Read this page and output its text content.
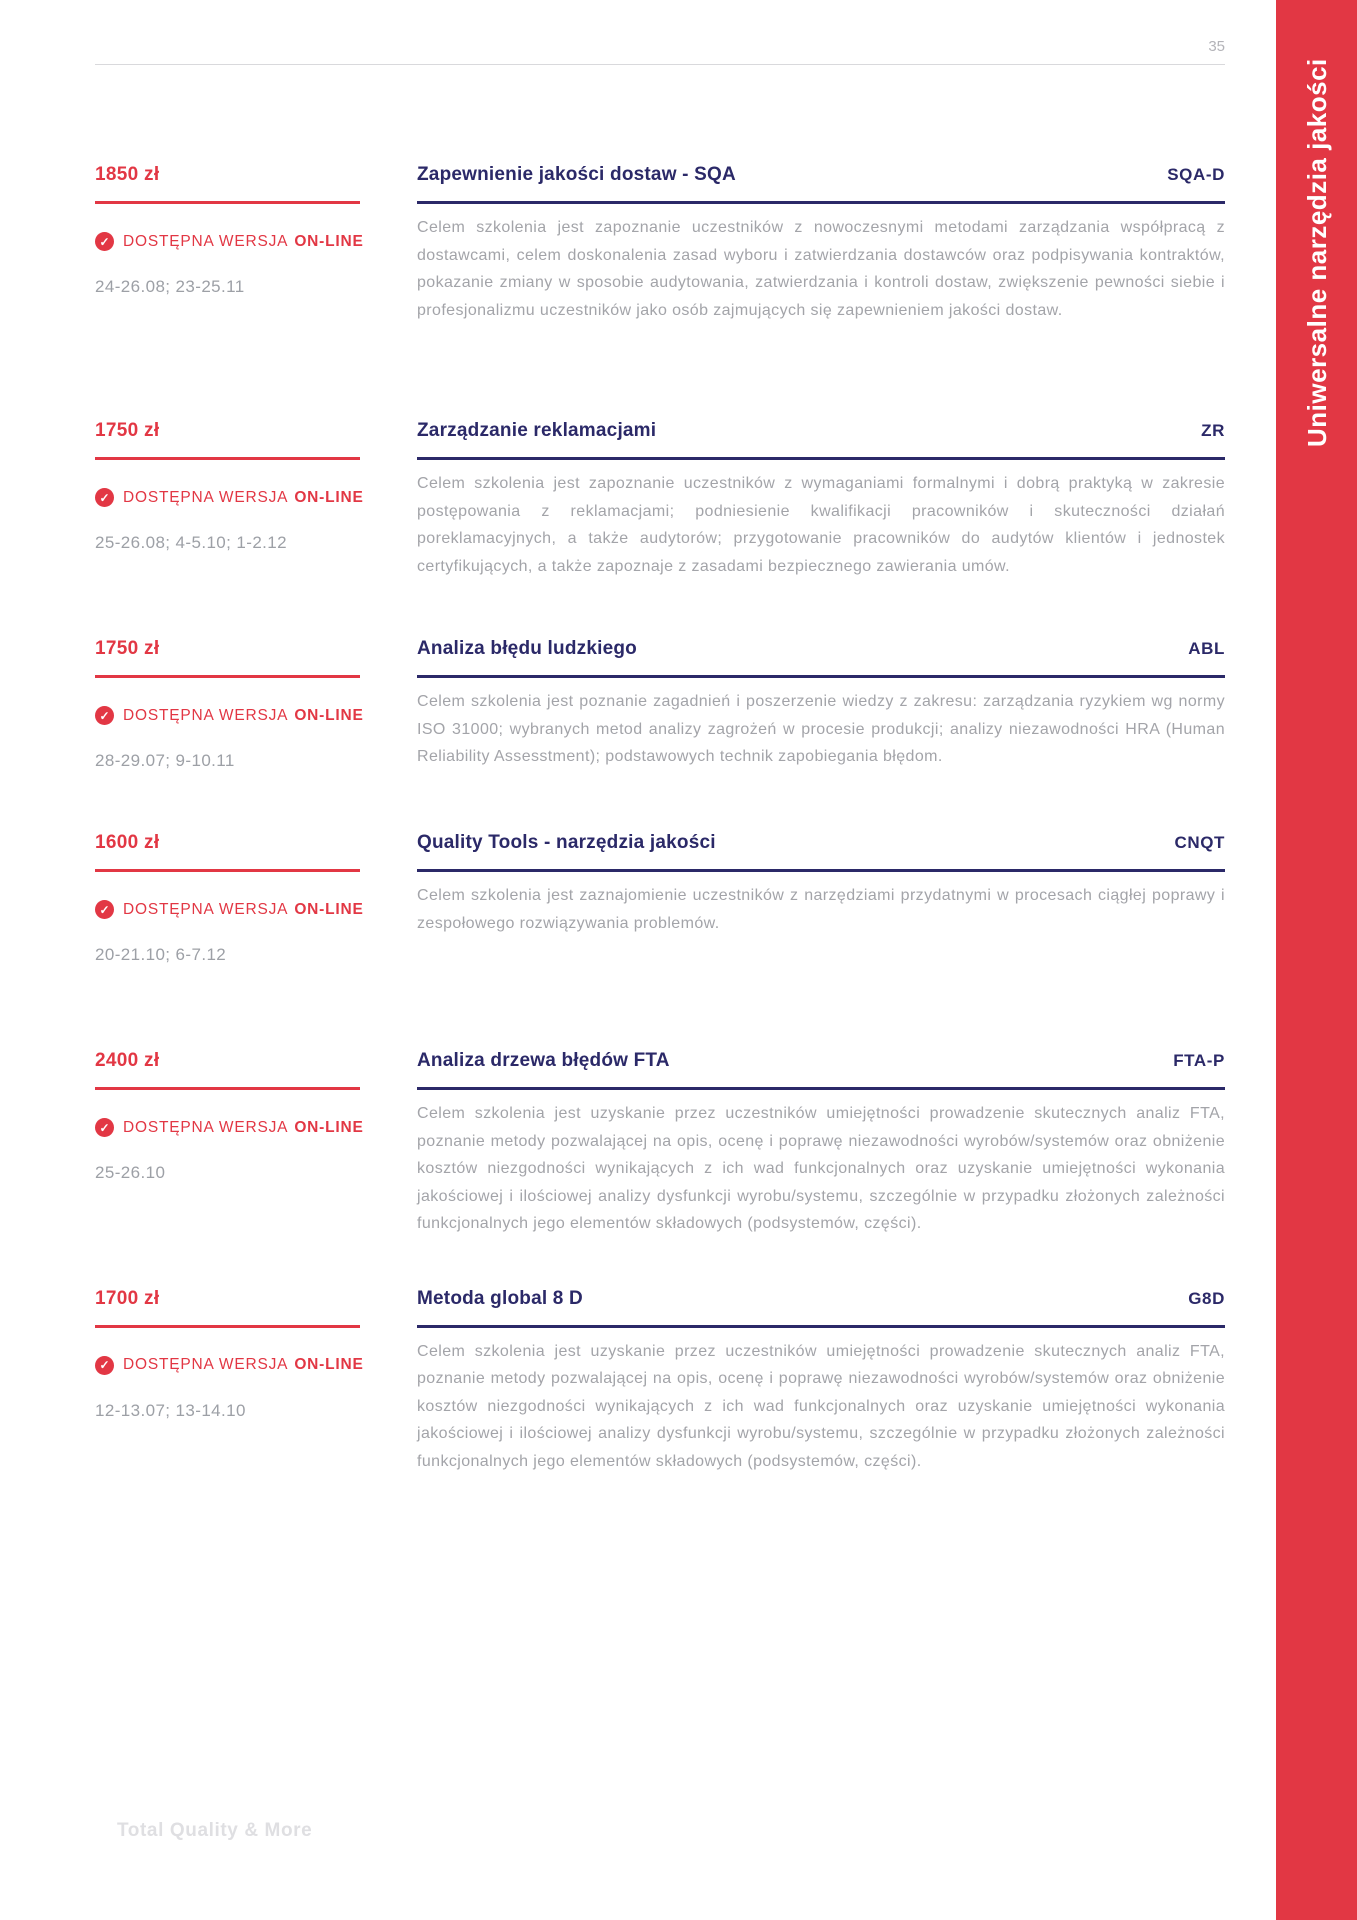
Uniwersalne narzędzia jakości
35
1850 zł
✓ DOSTĘPNA WERSJA ON-LINE
24-26.08; 23-25.11
Zapewnienie jakości dostaw - SQA	SQA-D

Celem szkolenia jest zapoznanie uczestników z nowoczesnymi metodami zarządzania współpracą z dostawcami, celem doskonalenia zasad wyboru i zatwierdzania dostawców oraz podpisywania kontraktów, pokazanie zmiany w sposobie audytowania, zatwierdzania i kontroli dostaw, zwiększenie pewności siebie i profesjonalizmu uczestników jako osób zajmujących się zapewnieniem jakości dostaw.

1750 zł
✓ DOSTĘPNA WERSJA ON-LINE
25-26.08; 4-5.10; 1-2.12
Zarządzanie reklamacjami	ZR

Celem szkolenia jest zapoznanie uczestników z wymaganiami formalnymi i dobrą praktyką w zakresie postępowania z reklamacjami; podniesienie kwalifikacji pracowników i skuteczności działań poreklamacyjnych, a także audytorów; przygotowanie pracowników do audytów klientów i jednostek certyfikujących, a także zapoznaje z zasadami bezpiecznego zawierania umów.

1750 zł
✓ DOSTĘPNA WERSJA ON-LINE
28-29.07; 9-10.11
Analiza błędu ludzkiego	ABL

Celem szkolenia jest poznanie zagadnień i poszerzenie wiedzy z zakresu: zarządzania ryzykiem wg normy ISO 31000; wybranych metod analizy zagrożeń w procesie produkcji; analizy niezawodności HRA (Human Reliability Assesstment); podstawowych technik zapobiegania błędom.

1600 zł
✓ DOSTĘPNA WERSJA ON-LINE
20-21.10; 6-7.12
Quality Tools - narzędzia jakości	CNQT

Celem szkolenia jest zaznajomienie uczestników z narzędziami przydatnymi w procesach ciągłej poprawy i zespołowego rozwiązywania problemów.

2400 zł
✓ DOSTĘPNA WERSJA ON-LINE
25-26.10
Analiza drzewa błędów FTA	FTA-P

Celem szkolenia jest uzyskanie przez uczestników umiejętności prowadzenie skutecznych analiz FTA, poznanie metody pozwalającej na opis, ocenę i poprawę niezawodności wyrobów/systemów oraz obniżenie kosztów niezgodności wynikających z ich wad funkcjonalnych oraz uzyskanie umiejętności wykonania jakościowej i ilościowej analizy dysfunkcji wyrobu/systemu, szczególnie w przypadku złożonych zależności funkcjonalnych jego elementów składowych (podsystemów, części).

1700 zł
✓ DOSTĘPNA WERSJA ON-LINE
12-13.07; 13-14.10
Metoda global 8 D	G8D

Celem szkolenia jest uzyskanie przez uczestników umiejętności prowadzenie skutecznych analiz FTA, poznanie metody pozwalającej na opis, ocenę i poprawę niezawodności wyrobów/systemów oraz obniżenie kosztów niezgodności wynikających z ich wad funkcjonalnych oraz uzyskanie umiejętności wykonania jakościowej i ilościowej analizy dysfunkcji wyrobu/systemu, szczególnie w przypadku złożonych zależności funkcjonalnych jego elementów składowych (podsystemów, części).

Total Quality & More
